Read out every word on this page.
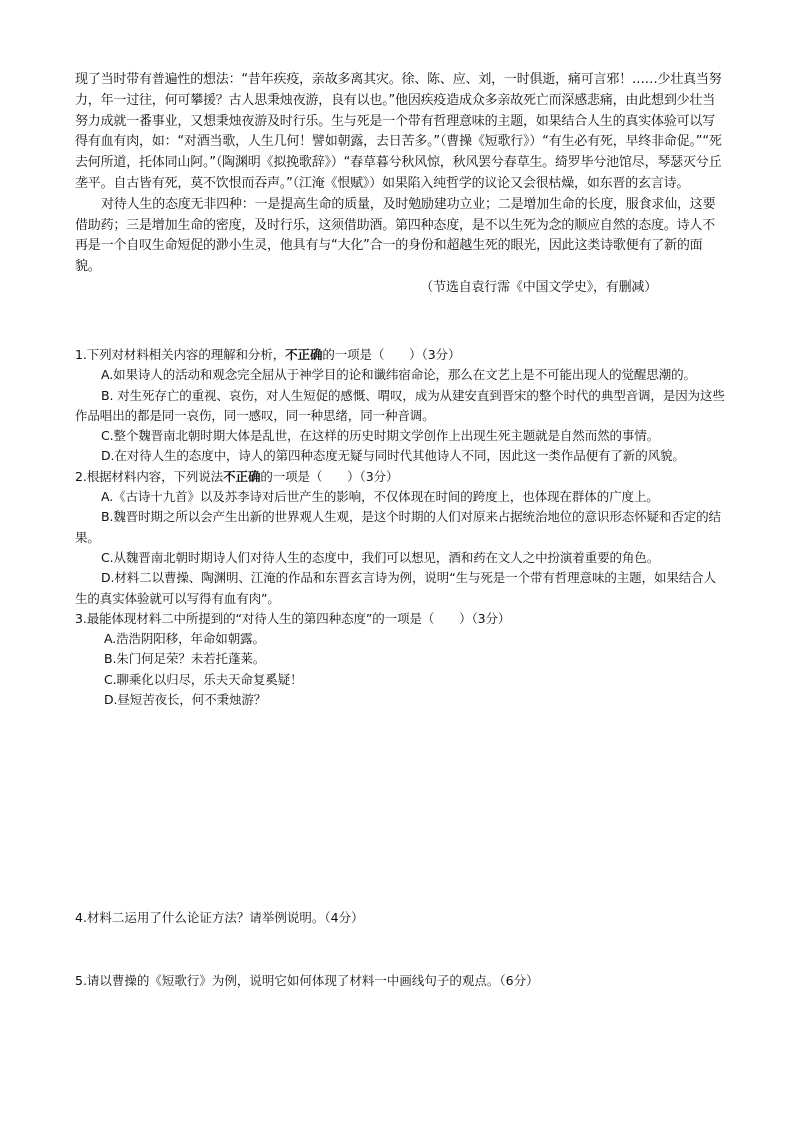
现了当时带有普遍性的想法：“昔年疾疫，亲故多离其灾。徐、陈、应、刘，一时俱逝，痛可言邪！……少壮真当努力，年一过往，何可攀援？古人思秉烛夜游，良有以也。”他因疾疫造成众多亲故死亡而深感悲痛，由此想到少壮当努力成就一番事业，又想秉烛夜游及时行乐。生与死是一个带有哲理意味的主题，如果结合人生的真实体验可以写得有血有肉，如：“对酒当歌，人生几何！譬如朝露，去日苦多。”（曹操《短歌行》）“有生必有死，早终非命促。”“死去何所道，托体同山阿。”（陶渊明《拟挽歌辞》）“春草暮兮秋风惊，秋风罢兮春草生。绮罗毕兮池馆尽，琴瑟灭兮丘垄平。自古皆有死，莫不饮恨而吞声。”（江淹《恨赋》）如果陷入纯哲学的议论又会很枯燥，如东晋的玄言诗。

对待人生的态度无非四种：一是提高生命的质量，及时勉励建功立业；二是增加生命的长度，服食求仙，这要借助药；三是增加生命的密度，及时行乐，这须借助酒。第四种态度，是不以生死为念的顺应自然的态度。诗人不再是一个自叹生命短促的渺小生灵，他具有与“大化”合一的身份和超越生死的眼光，因此这类诗歌便有了新的面貌。

（节选自袁行霈《中国文学史》，有删减）

1.下列对材料相关内容的理解和分析，不正确的一项是（　　）（3分）

A.如果诗人的活动和观念完全屈从于神学目的论和谶纬宿命论，那么在文艺上是不可能出现人的觉醒思潮的。

B. 对生死存亡的重视、哀伤，对人生短促的感慨、喟叹，成为从建安直到晋宋的整个时代的典型音调，是因为这些作品唱出的都是同一哀伤，同一感叹，同一种思绪，同一种音调。

C.整个魏晋南北朝时期大体是乱世，在这样的历史时期文学创作上出现生死主题就是自然而然的事情。

D.在对待人生的态度中，诗人的第四种态度无疑与同时代其他诗人不同，因此这一类作品便有了新的风貌。

2.根据材料内容，下列说法不正确的一项是（　　）（3分）

A.《古诗十九首》以及苏李诗对后世产生的影响，不仅体现在时间的跨度上，也体现在群体的广度上。

B.魏晋时期之所以会产生出新的世界观人生观，是这个时期的人们对原来占据统治地位的意识形态怀疑和否定的结果。

C.从魏晋南北朝时期诗人们对待人生的态度中，我们可以想见，酒和药在文人之中扮演着重要的角色。

D.材料二以曹操、陶渊明、江淹的作品和东晋玄言诗为例，说明“生与死是一个带有哲理意味的主题，如果结合人生的真实体验就可以写得有血有肉”。

3.最能体现材料二中所提到的“对待人生的第四种态度”的一项是（　　）（3分）

A.浩浩阴阳移，年命如朝露。

B.朱门何足荣？未若托蓬莱。

C.聊乘化以归尽，乐夫天命复奚疑！

D.昼短苦夜长，何不秉烛游？

4.材料二运用了什么论证方法？请举例说明。（4分）

5.请以曹操的《短歌行》为例，说明它如何体现了材料一中画线句子的观点。（6分）
